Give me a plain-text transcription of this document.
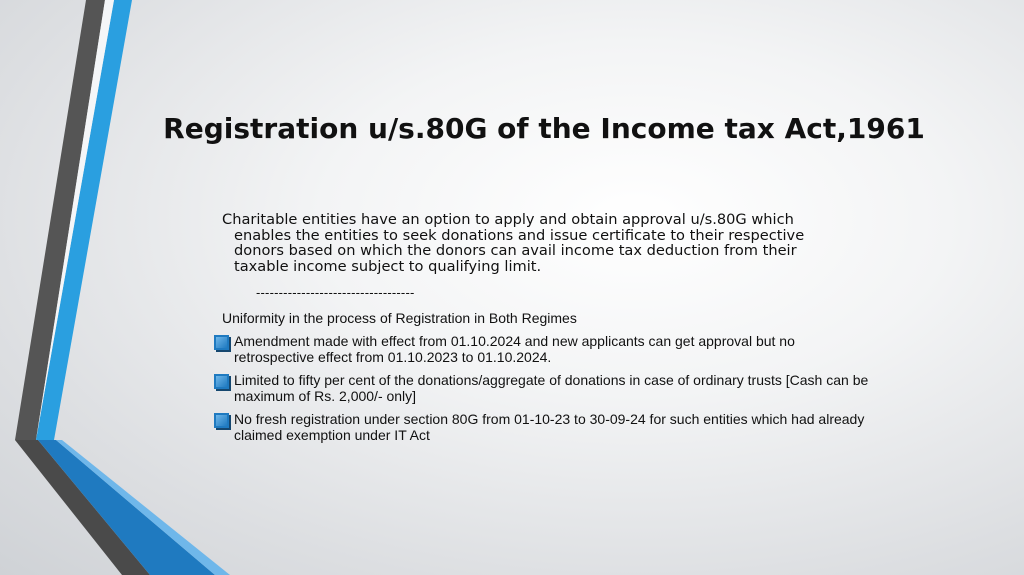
Registration u/s.80G of the Income tax Act,1961

Charitable entities have an option to apply and obtain approval u/s.80G which enables the entities to seek donations and issue certificate to their respective donors based on which the donors can avail income tax deduction from their taxable income subject to qualifying limit.

-----------------------------------

Uniformity in the process of Registration in Both Regimes

Amendment made with effect from 01.10.2024 and new applicants can get approval but no retrospective effect from 01.10.2023 to 01.10.2024.
Limited to fifty per cent of the donations/aggregate of donations in case of ordinary trusts [Cash can be maximum of Rs. 2,000/- only]
No fresh registration under section 80G from 01-10-23 to 30-09-24 for such entities which had already claimed exemption under IT Act
